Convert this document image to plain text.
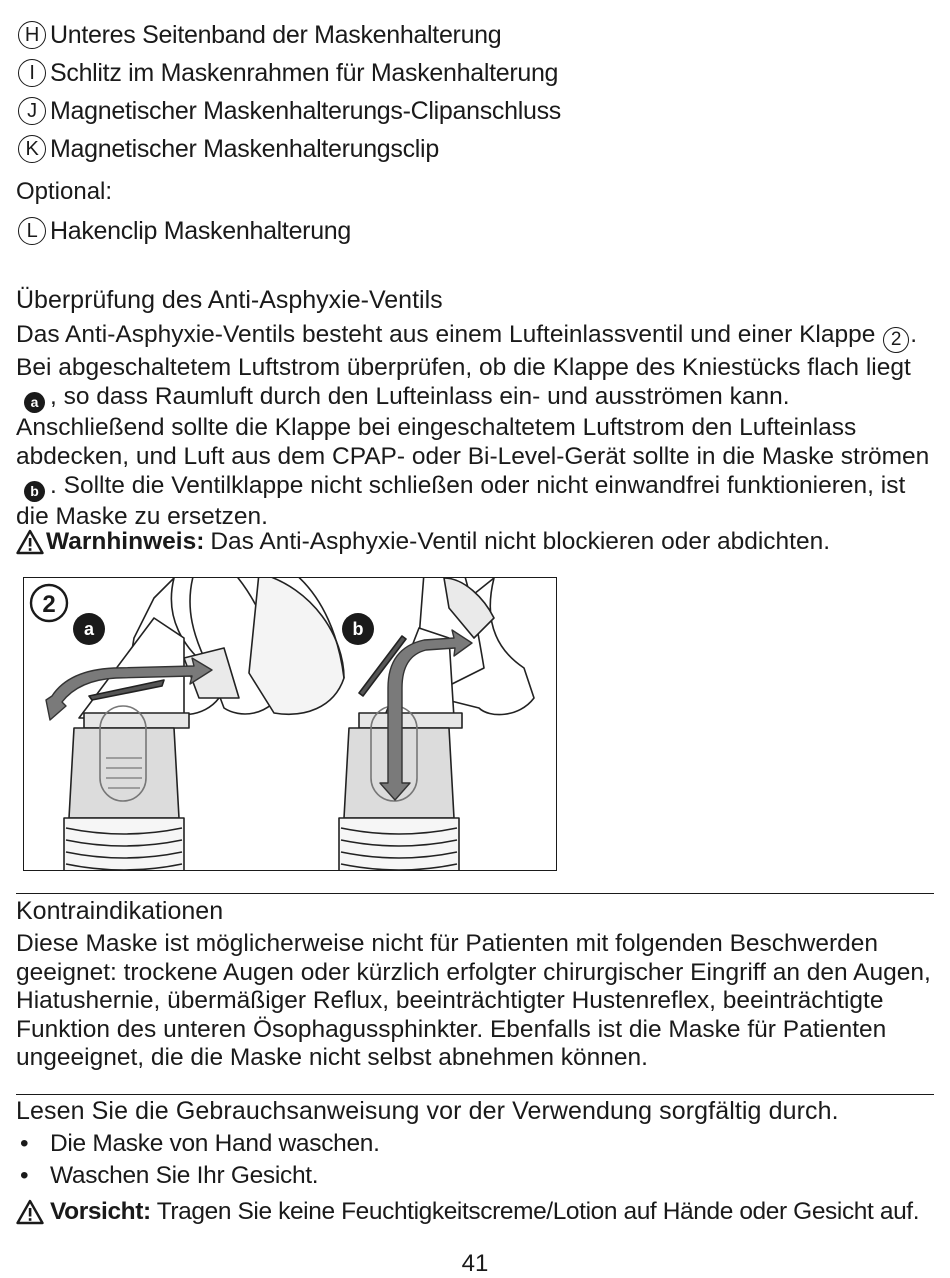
H Unteres Seitenband der Maskenhalterung
I Schlitz im Maskenrahmen für Maskenhalterung
J Magnetischer Maskenhalterungs-Clipanschluss
K Magnetischer Maskenhalterungsclip
Optional:
L Hakenclip Maskenhalterung
Überprüfung des Anti-Asphyxie-Ventils

Das Anti-Asphyxie-Ventils besteht aus einem Lufteinlassventil und einer Klappe 2 . Bei abgeschaltetem Luftstrom überprüfen, ob die Klappe des Kniestücks flach liegta , so dass Raumluft durch den Lufteinlass ein- und ausströmen kann. Anschließend sollte die Klappe bei eingeschaltetem Luftstrom den Lufteinlass abdecken, und Luft aus dem CPAP- oder Bi-Level-Gerät sollte in die Maske strömenb . Sollte die Ventilklappe nicht schließen oder nicht einwandfrei funktionieren, ist die Maske zu ersetzen.

Warnhinweis: Das Anti-Asphyxie-Ventil nicht blockieren oder abdichten.
2
a	b
Kontraindikationen

Diese Maske ist möglicherweise nicht für Patienten mit folgenden Beschwerden geeignet: trockene Augen oder kürzlich erfolgter chirurgischer Eingriff an den Augen, Hiatushernie, übermäßiger Reflux, beeinträchtigter Hustenreflex, beeinträchtigte Funktion des unteren Ösophagussphinkter. Ebenfalls ist die Maske für Patienten ungeeignet, die die Maske nicht selbst abnehmen können.

Lesen Sie die Gebrauchsanweisung vor der Verwendung sorgfältig durch.
• Die Maske von Hand waschen.
• Waschen Sie Ihr Gesicht.
Vorsicht: Tragen Sie keine Feuchtigkeitscreme/Lotion auf Hände oder Gesicht auf.
41
